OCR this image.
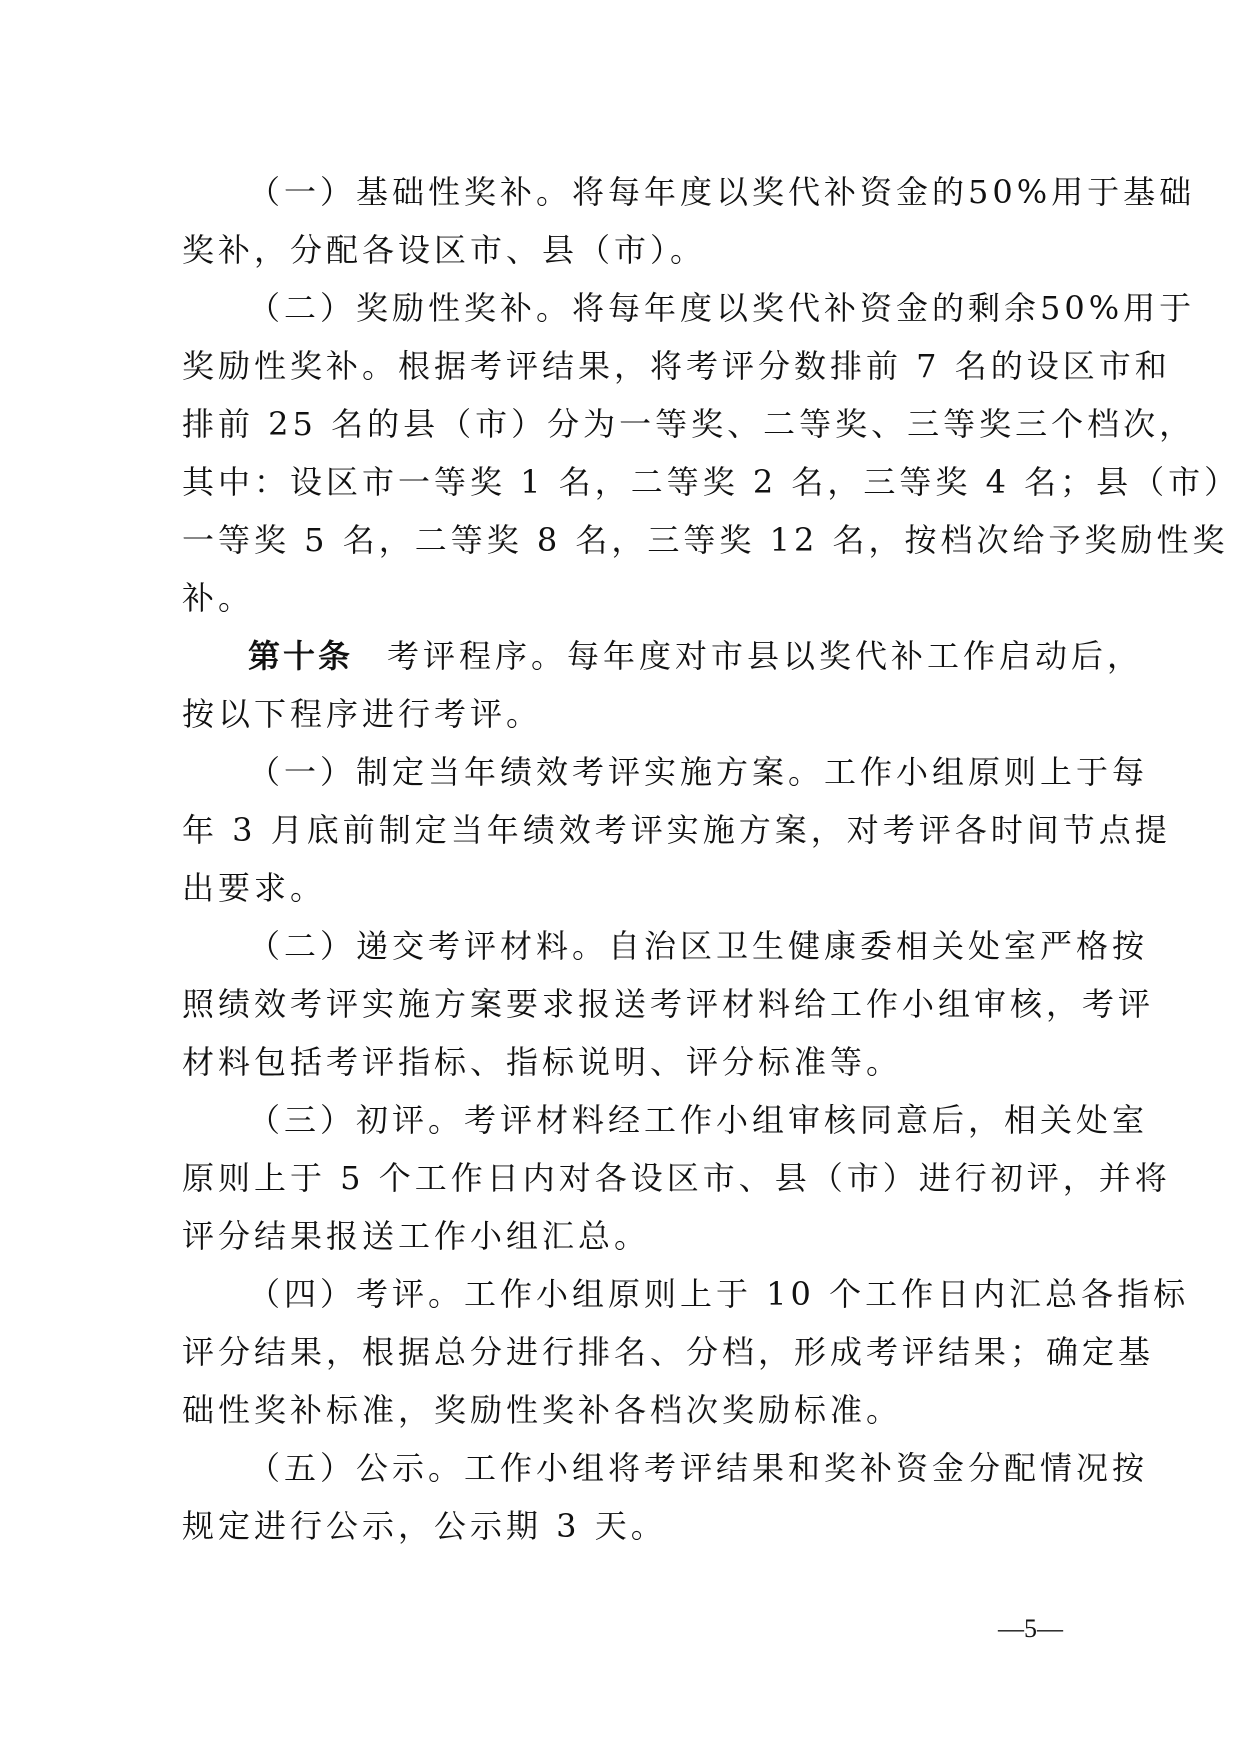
（一）基础性奖补。将每年度以奖代补资金的50%用于基础
奖补，分配各设区市、县（市）。
（二）奖励性奖补。将每年度以奖代补资金的剩余50%用于
奖励性奖补。根据考评结果，将考评分数排前 7 名的设区市和
排前 25 名的县（市）分为一等奖、二等奖、三等奖三个档次，
其中：设区市一等奖 1 名，二等奖 2 名，三等奖 4 名；县（市）
一等奖 5 名，二等奖 8 名，三等奖 12 名，按档次给予奖励性奖
补。
第十条 考评程序。每年度对市县以奖代补工作启动后，
按以下程序进行考评。
（一）制定当年绩效考评实施方案。工作小组原则上于每
年 3 月底前制定当年绩效考评实施方案，对考评各时间节点提
出要求。
（二）递交考评材料。自治区卫生健康委相关处室严格按
照绩效考评实施方案要求报送考评材料给工作小组审核，考评
材料包括考评指标、指标说明、评分标准等。
（三）初评。考评材料经工作小组审核同意后，相关处室
原则上于 5 个工作日内对各设区市、县（市）进行初评，并将
评分结果报送工作小组汇总。
（四）考评。工作小组原则上于 10 个工作日内汇总各指标
评分结果，根据总分进行排名、分档，形成考评结果；确定基
础性奖补标准，奖励性奖补各档次奖励标准。
（五）公示。工作小组将考评结果和奖补资金分配情况按
规定进行公示，公示期 3 天。
—5—
